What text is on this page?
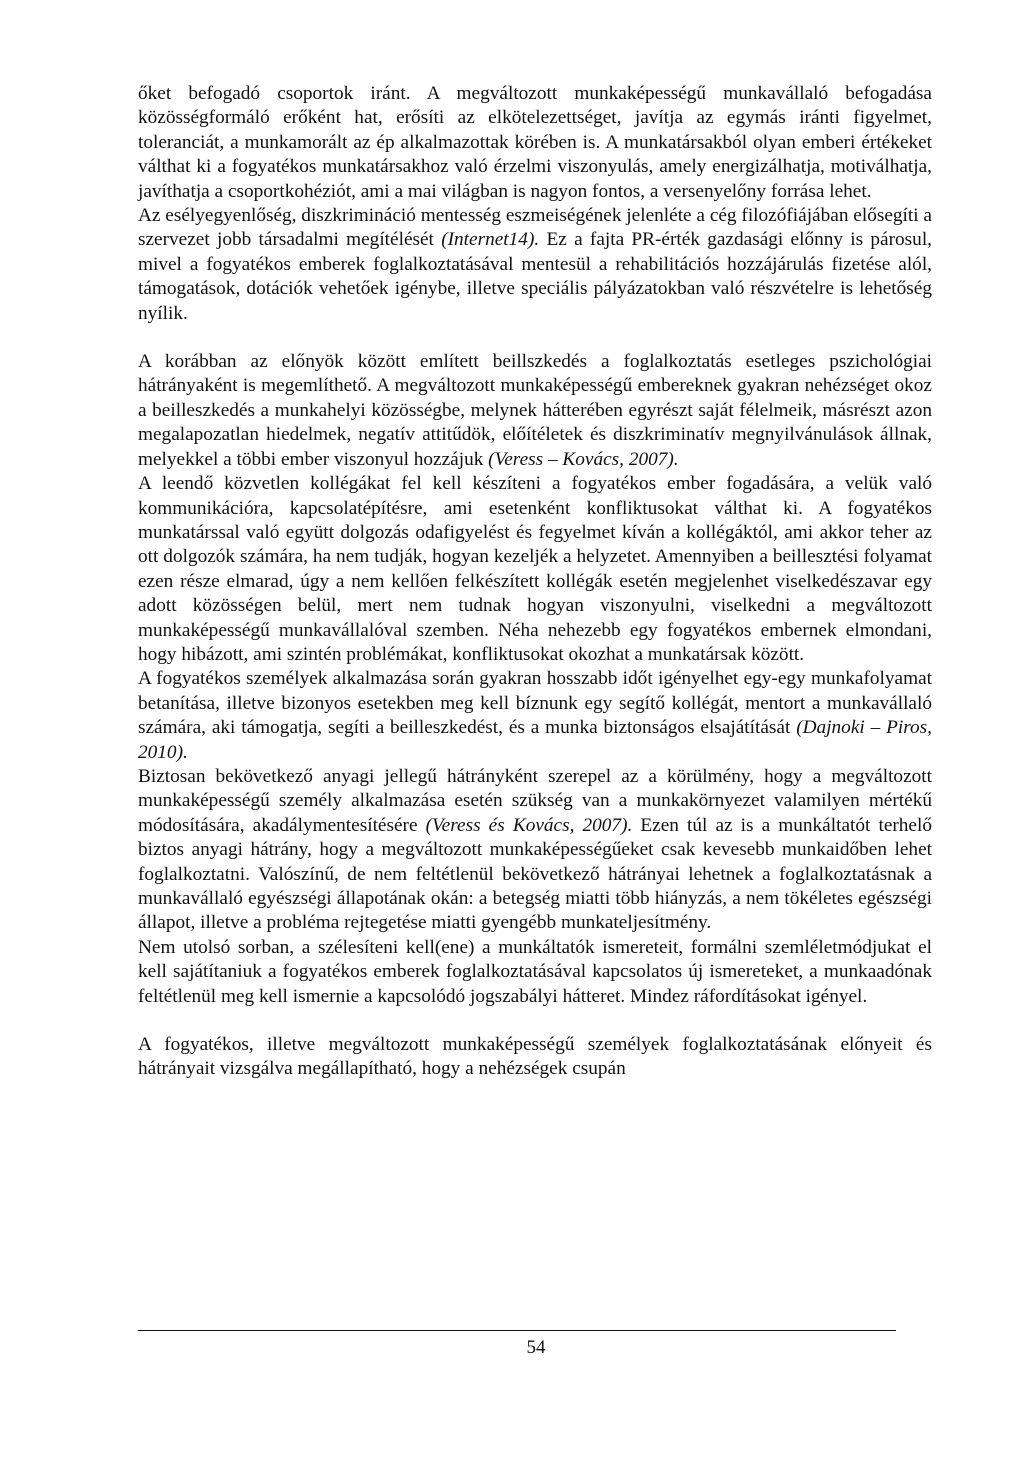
őket befogadó csoportok iránt. A megváltozott munkaképességű munkavállaló befogadása közösségformáló erőként hat, erősíti az elkötelezettséget, javítja az egymás iránti figyelmet, toleranciát, a munkamorált az ép alkalmazottak körében is. A munkatársakból olyan emberi értékeket válthat ki a fogyatékos munkatársakhoz való érzelmi viszonyulás, amely energizálhatja, motiválhatja, javíthatja a csoportkohéziót, ami a mai világban is nagyon fontos, a versenyelőny forrása lehet.

Az esélyegyenlőség, diszkrimináció mentesség eszmeiségének jelenléte a cég filozófiájában elősegíti a szervezet jobb társadalmi megítélését (Internet14). Ez a fajta PR-érték gazdasági előnny is párosul, mivel a fogyatékos emberek foglalkoztatásával mentesül a rehabilitációs hozzájárulás fizetése alól, támogatások, dotációk vehetőek igénybe, illetve speciális pályázatokban való részvételre is lehetőség nyílik.

A korábban az előnyök között említett beillszkedés a foglalkoztatás esetleges pszichológiai hátrányaként is megemlíthető. A megváltozott munkaképességű embereknek gyakran nehézséget okoz a beilleszkedés a munkahelyi közösségbe, melynek hátterében egyrészt saját félelmeik, másrészt azon megalapozatlan hiedelmek, negatív attitűdök, előítéletek és diszkriminatív megnyilvánulások állnak, melyekkel a többi ember viszonyul hozzájuk (Veress – Kovács, 2007).

A leendő közvetlen kollégákat fel kell készíteni a fogyatékos ember fogadására, a velük való kommunikációra, kapcsolatépítésre, ami esetenként konfliktusokat válthat ki. A fogyatékos munkatárssal való együtt dolgozás odafigyelést és fegyelmet kíván a kollégáktól, ami akkor teher az ott dolgozók számára, ha nem tudják, hogyan kezeljék a helyzetet. Amennyiben a beillesztési folyamat ezen része elmarad, úgy a nem kellően felkészített kollégák esetén megjelenhet viselkedészavar egy adott közösségen belül, mert nem tudnak hogyan viszonyulni, viselkedni a megváltozott munkaképességű munkavállalóval szemben. Néha nehezebb egy fogyatékos embernek elmondani, hogy hibázott, ami szintén problémákat, konfliktusokat okozhat a munkatársak között.

A fogyatékos személyek alkalmazása során gyakran hosszabb időt igényelhet egy-egy munkafolyamat betanítása, illetve bizonyos esetekben meg kell bíznunk egy segítő kollégát, mentort a munkavállaló számára, aki támogatja, segíti a beilleszkedést, és a munka biztonságos elsajátítását (Dajnoki – Piros, 2010).

Biztosan bekövetkező anyagi jellegű hátrányként szerepel az a körülmény, hogy a megváltozott munkaképességű személy alkalmazása esetén szükség van a munkakörnyezet valamilyen mértékű módosítására, akadálymentesítésére (Veress és Kovács, 2007). Ezen túl az is a munkáltatót terhelő biztos anyagi hátrány, hogy a megváltozott munkaképességűeket csak kevesebb munkaidőben lehet foglalkoztatni. Valószínű, de nem feltétlenül bekövetkező hátrányai lehetnek a foglalkoztatásnak a munkavállaló egyészségi állapotának okán: a betegség miatti több hiányzás, a nem tökéletes egészségi állapot, illetve a probléma rejtegetése miatti gyengébb munkateljesítmény.

Nem utolsó sorban, a szélesíteni kell(ene) a munkáltatók ismereteit, formálni szemléletmódjukat el kell sajátítaniuk a fogyatékos emberek foglalkoztatásával kapcsolatos új ismereteket, a munkaadónak feltétlenül meg kell ismernie a kapcsolódó jogszabályi hátteret. Mindez ráfordításokat igényel.

A fogyatékos, illetve megváltozott munkaképességű személyek foglalkoztatásának előnyeit és hátrányait vizsgálva megállapítható, hogy a nehézségek csupán

54
